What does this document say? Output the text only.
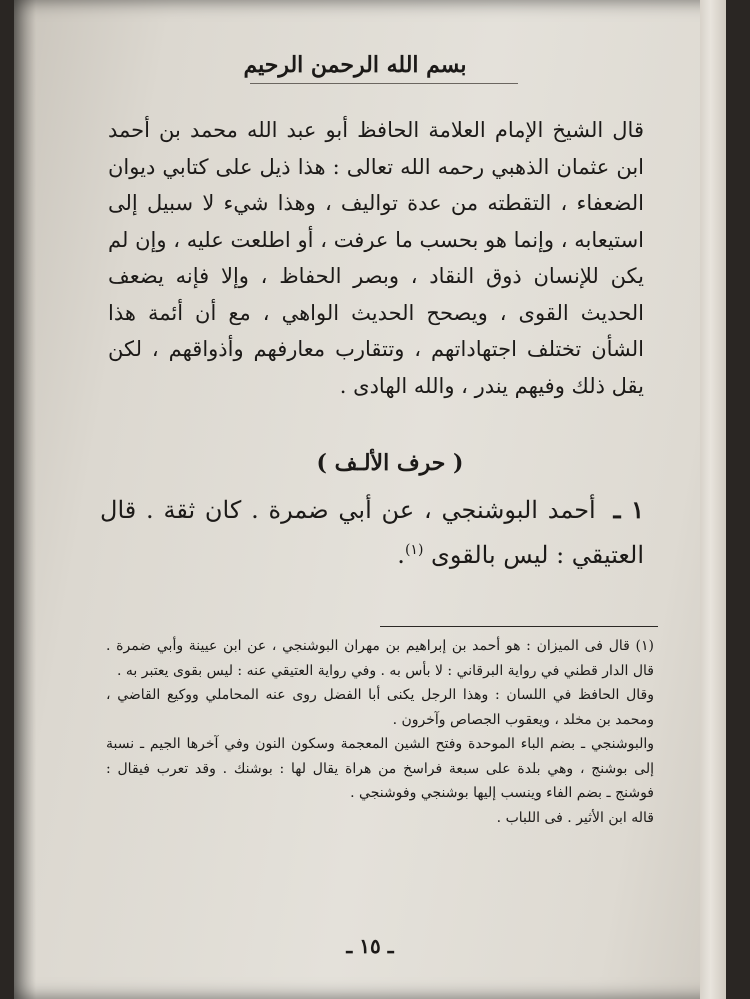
بسم الله الرحمن الرحيم
قال الشيخ الإمام العلامة الحافظ أبو عبد الله محمد بن أحمد ابن عثمان الذهبي رحمه الله تعالى : هذا ذيل على كتابي ديوان الضعفاء ، التقطته من عدة تواليف ، وهذا شيء لا سبيل إلى استيعابه ، وإنما هو بحسب ما عرفت ، أو اطلعت عليه ، وإن لم يكن للإنسان ذوق النقاد ، وبصر الحفاظ ، وإلا فإنه يضعف الحديث القوى ، ويصحح الحديث الواهي ، مع أن أئمة هذا الشأن تختلف اجتهاداتهم ، وتتقارب معارفهم وأذواقهم ، لكن يقل ذلك وفيهم يندر ، والله الهادى .
( حرف الألـف )
١ ـ أحمد البوشنجي ، عن أبي ضمرة . كان ثقة . قال العتيقي : ليس بالقوى $^{(١)}$.

(١) قال فى الميزان : هو أحمد بن إبراهيم بن مهران البوشنجي ، عن ابن عيينة وأبي ضمرة . قال الدار قطني في رواية البرقاني : لا بأس به . وفي رواية العتيقي عنه : ليس بقوى يعتبر به .

وقال الحافظ في اللسان : وهذا الرجل يكنى أبا الفضل روى عنه المحاملي ووكيع القاضي ، ومحمد بن مخلد ، ويعقوب الجصاص وآخرون .

والبوشنجي ـ بضم الباء الموحدة وفتح الشين المعجمة وسكون النون وفي آخرها الجيم ـ نسبة إلى بوشنج ، وهي بلدة على سبعة فراسخ من هراة يقال لها : بوشنك . وقد تعرب فيقال : فوشنج ـ بضم الفاء وينسب إليها بوشنجي وفوشنجي .

قاله ابن الأثير . فى اللباب .

ـ ١٥ ـ
